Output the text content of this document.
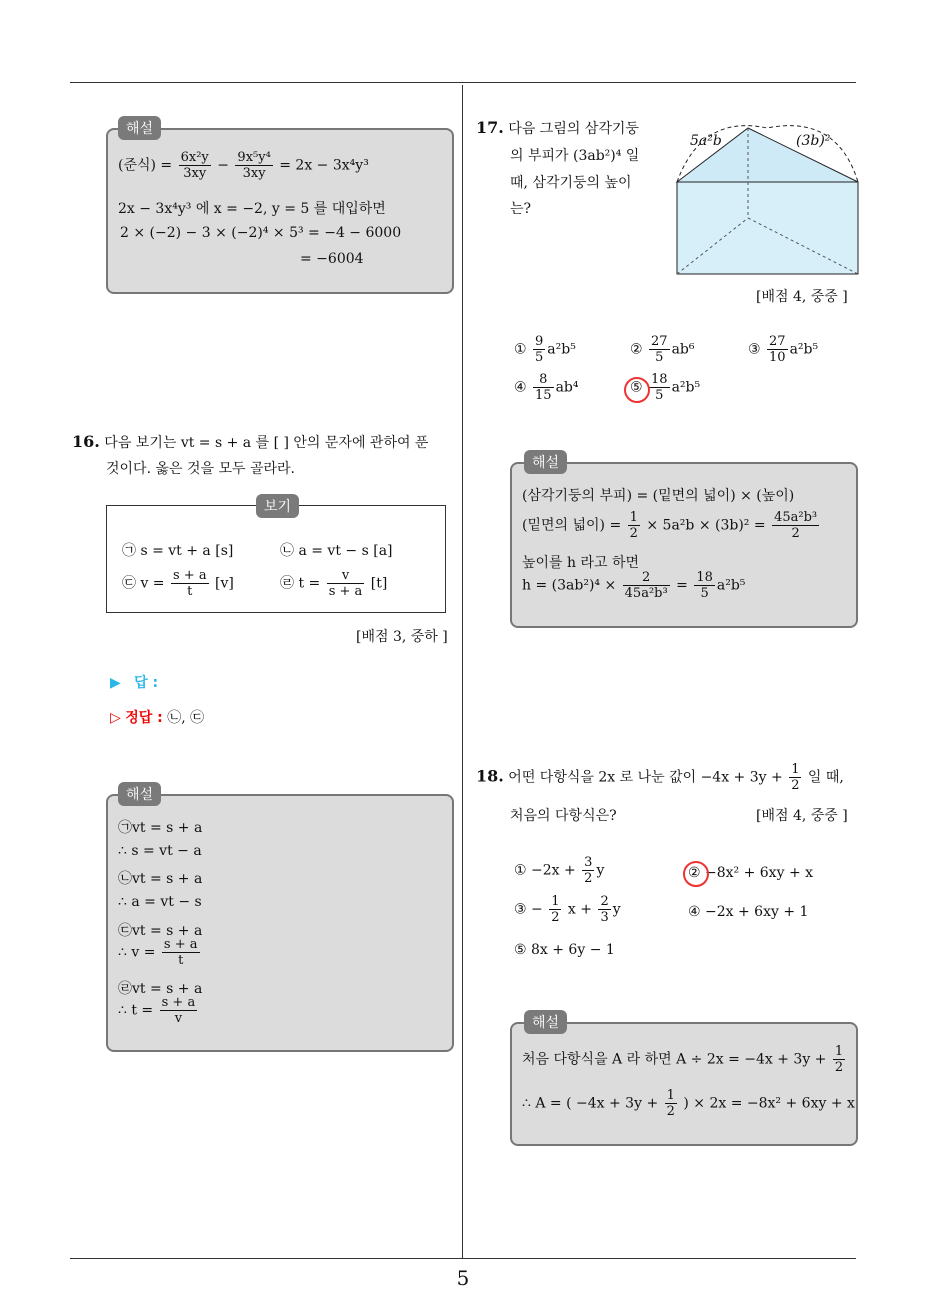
5
해설
(준식) = $\frac{\text{6x²y}}{3xy} - \frac{\text{9x⁵y⁴}}{3xy} = 2x - 3x^4y^3$
2x − 3x⁴y³ 에 x = −2, y = 5 를 대입하면
2 × (−2) − 3 × (−2)⁴ × 5³ = −4 − 6000
= −6004
16. 다음 보기는 vt = s + a 를 [ ] 안의 문자에 관하여 푼
것이다. 옳은 것을 모두 골라라.
보기
㉠ s = vt + a [s]	㉡ a = vt − s [a]
㉢ $v = \frac{s + a}{t} [v]$	㉣ $t = \frac{v}{s + a} [t]$
[배점 3, 중하 ]
▶ 답 :
▷ 정답 : ㉡, ㉢
해설
㉠vt = s + a
∴ s = vt − a
㉡vt = s + a
∴ a = vt − s
㉢vt = s + a
∴ $v = \frac{s + a}{t}$
㉣vt = s + a
∴ $t = \frac{s + a}{v}$
17. 다음 그림의 삼각기둥
의 부피가 (3ab²)⁴ 일
때, 삼각기둥의 높이
는?
5a²b	(3b)²
[배점 4, 중중 ]
① $\frac{9}{5} a^2b^5$	② $\frac{27}{5} ab^6$	③ $\frac{27}{10} a^2b^5$
④ $\frac{8}{15} ab^4$	⑤ $\frac{18}{5} a^2b^5$
해설
(삼각기둥의 부피) = (밑면의 넓이) × (높이)
(밑면의 넓이) = $\frac{1}{2} \times 5a^2b \times (3b)^2 = \frac{\text{45a²b³}}{2}$
높이를 h 라고 하면
$h = (3ab^2)^4 \times \frac{2}{\text{45a²b³}} = \frac{18}{5} a^2b^5$
18. 어떤 다항식을 2x 로 나눈 값이 $-4x + 3y + \frac{1}{2}$ 일 때,
처음의 다항식은?	[배점 4, 중중 ]
① $-2x + \frac{3}{2}$ y	② −8x² + 6xy + x
③ − $\frac{1}{2}$ $x + \frac{2}{3}$ y	④ −2x + 6xy + 1
⑤ 8x + 6y − 1
해설
처음 다항식을 A 라 하면 $A \div 2x = -4x + 3y + \frac{1}{2}$
∴ A = ( $-4x + 3y + \frac{1}{2}$ ) × 2x = −8x² + 6xy + x
